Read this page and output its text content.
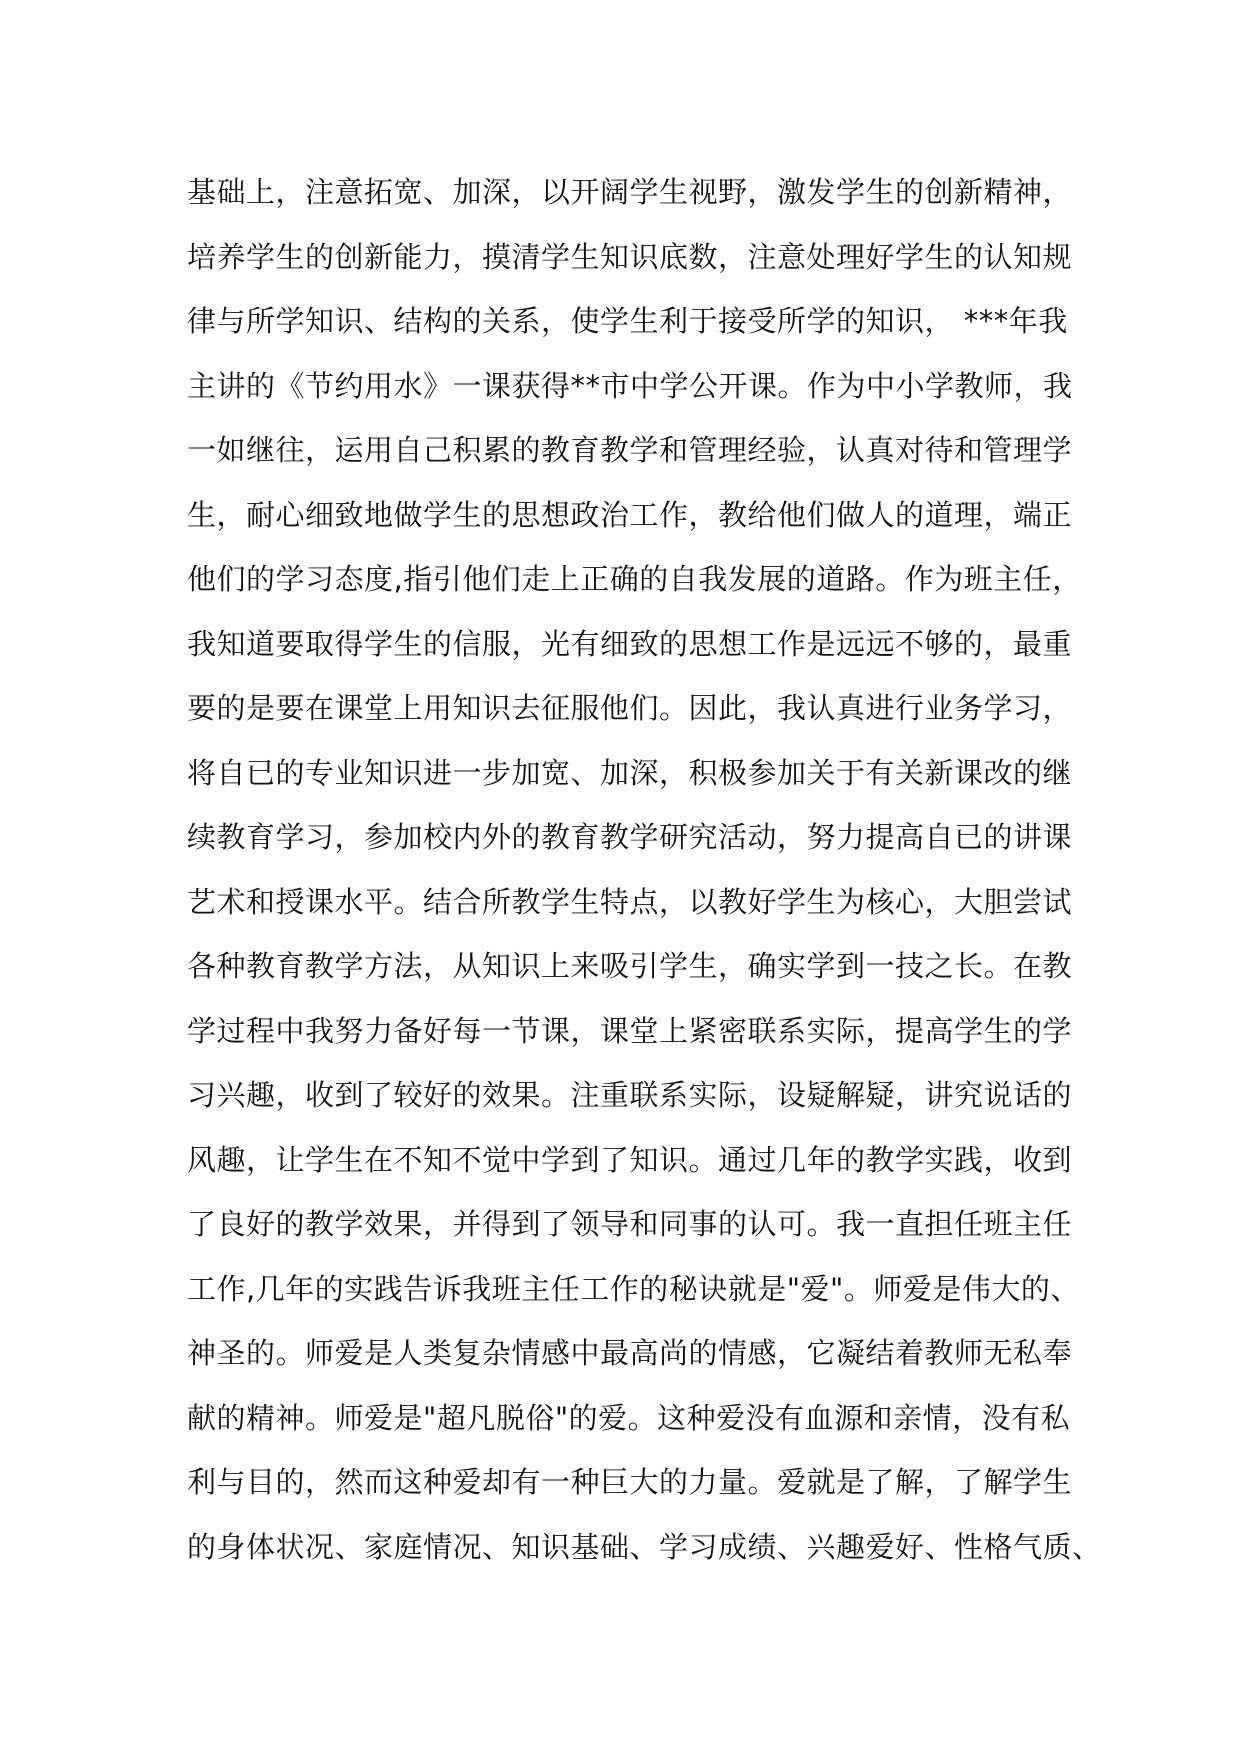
基础上，注意拓宽、加深，以开阔学生视野，激发学生的创新精神，
培养学生的创新能力，摸清学生知识底数，注意处理好学生的认知规
律与所学知识、结构的关系，使学生利于接受所学的知识， ***年我
主讲的《节约用水》一课获得**市中学公开课。作为中小学教师，我
一如继往，运用自己积累的教育教学和管理经验，认真对待和管理学
生，耐心细致地做学生的思想政治工作，教给他们做人的道理，端正
他们的学习态度,指引他们走上正确的自我发展的道路。作为班主任，
我知道要取得学生的信服，光有细致的思想工作是远远不够的，最重
要的是要在课堂上用知识去征服他们。因此，我认真进行业务学习，
将自已的专业知识进一步加宽、加深，积极参加关于有关新课改的继
续教育学习，参加校内外的教育教学研究活动，努力提高自已的讲课
艺术和授课水平。结合所教学生特点，以教好学生为核心，大胆尝试
各种教育教学方法，从知识上来吸引学生，确实学到一技之长。在教
学过程中我努力备好每一节课，课堂上紧密联系实际，提高学生的学
习兴趣，收到了较好的效果。注重联系实际，设疑解疑，讲究说话的
风趣，让学生在不知不觉中学到了知识。通过几年的教学实践，收到
了良好的教学效果，并得到了领导和同事的认可。我一直担任班主任
工作,几年的实践告诉我班主任工作的秘诀就是"爱"。师爱是伟大的、
神圣的。师爱是人类复杂情感中最高尚的情感，它凝结着教师无私奉
献的精神。师爱是"超凡脱俗"的爱。这种爱没有血源和亲情，没有私
利与目的，然而这种爱却有一种巨大的力量。爱就是了解，了解学生
的身体状况、家庭情况、知识基础、学习成绩、兴趣爱好、性格气质、
